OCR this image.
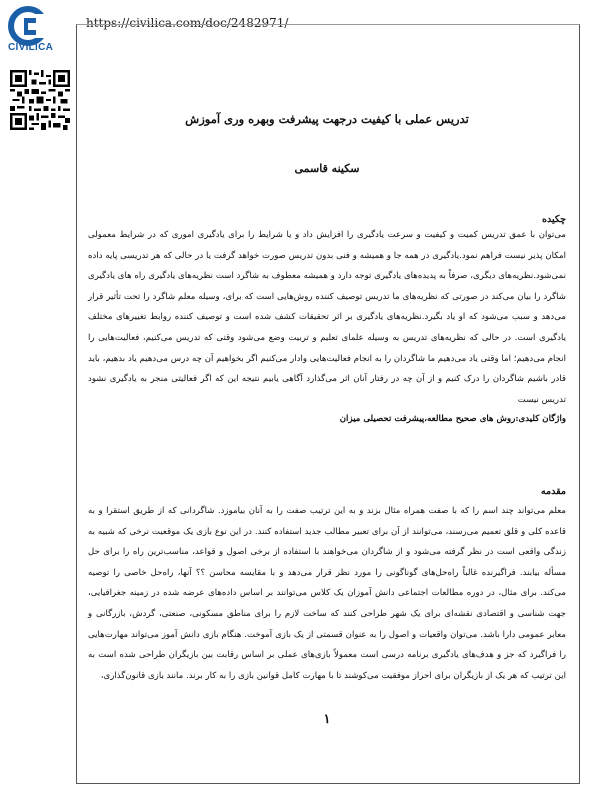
CIVILICA
https://civilica.com/doc/2482971/
تدریس عملی با کیفیت درجهت پیشرفت وبهره وری آموزش
سکینه قاسمی

چکیده

می‌توان با عمق تدریس کمیت و کیفیت و سرعت یادگیری را افزایش داد و یا شرایط را برای یادگیری اموری که در شرایط معمولی امکان پذیر نیست فراهم نمود.یادگیری در همه جا و همیشه و فنی بدون تدریس صورت خواهد گرفت یا در حالی که هر تدریسی پایه داده نمی‌شود.نظریه‌های دیگری، صرفاً به پدیده‌های یادگیری توجه دارد و همیشه معطوف به شاگرد است نظریه‌های یادگیری راه های یادگیری شاگرد را بیان می‌کند در صورتی که نظریه‌های ما تدریس توصیف کننده روش‌هایی است که برای، وسیله معلم شاگرد را تحت تأثیر قرار می‌دهد و سبب می‌شود که او یاد بگیرد.نظریه‌های یادگیری بر اثر تحقیقات کشف شده است و توصیف کننده روابط تغییرهای مختلف یادگیری است. در حالی که نظریه‌های تدریس به وسیله علمای تعلیم و تربیت وضع می‌شود وقتی که تدریس می‌کنیم، فعالیت‌هایی را انجام می‌دهیم؛ اما وقتی یاد می‌دهیم ما شاگردان را به انجام فعالیت‌هایی وادار می‌کنیم اگر بخواهیم آن چه درس می‌دهیم یاد بدهیم، باید قادر باشیم شاگردان را درک کنیم و از آن چه در رفتار آنان اثر می‌گذارد آگاهی یابیم نتیجه این که اگر فعالیتی منجر به یادگیری نشود تدریس نیست

واژگان کلیدی:روش های صحیح مطالعه،پیشرفت تحصیلی میزان

مقدمه

معلم می‌تواند چند اسم را که با صفت همراه مثال بزند و به این ترتیب صفت را به آنان بیاموزد. شاگردانی که از طریق استقرا و به قاعده کلی و قلق تعمیم می‌رسند، می‌توانند از آن برای تعبیر مطالب جدید استفاده کنند. در این نوع بازی یک موقعیت نرخی که شبیه به زندگی واقعی است در نظر گرفته می‌شود و از شاگردان می‌خواهند با استفاده از برخی اصول و قواعد، مناسب‌ترین راه را برای حل مسأله بیابند. فراگیرنده غالباً راه‌حل‌های گوناگونی را مورد نظر قرار می‌دهد و با مقایسه محاسن ؟؟ آنها، راه‌حل خاصی را توصیه می‌کند. برای مثال، در دوره مطالعات اجتماعی دانش آموزان یک کلاس می‌توانند بر اساس داده‌های عرضه شده در زمینه جغرافیایی، جهت شناسی و اقتصادی نقشه‌ای برای یک شهر طراحی کنند که ساخت لازم را برای مناطق مسکونی، صنعتی، گردش، بازرگانی و معابر عمومی دارا باشد. می‌توان واقعیات و اصول را به عنوان قسمتی از یک بازی آموخت. هنگام بازی دانش آموز می‌تواند مهارت‌هایی را فراگیرد که جز و هدف‌های یادگیری برنامه درسی است معمولاً بازی‌های عملی بر اساس رقابت بین بازیگران طراحی شده است به این ترتیب که هر یک از بازیگران برای احراز موفقیت می‌کوشند تا با مهارت کامل قوانین بازی را به کار برند. مانند بازی قانون‌گذاری،

۱
